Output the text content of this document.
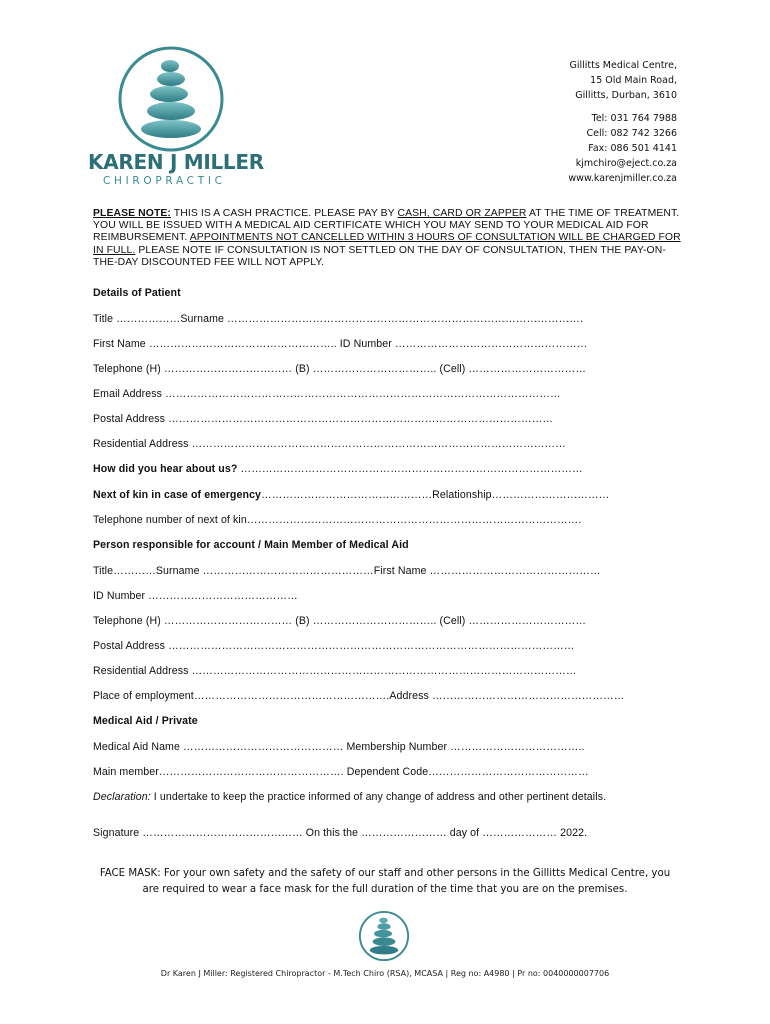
KAREN J MILLER
CHIROPRACTIC
Gillitts Medical Centre,
15 Old Main Road,
Gillitts, Durban, 3610
Tel: 031 764 7988
Cell: 082 742 3266
Fax: 086 501 4141
kjmchiro@eject.co.za
www.karenjmiller.co.za
PLEASE NOTE: THIS IS A CASH PRACTICE. PLEASE PAY BY CASH, CARD OR ZAPPER AT THE TIME OF TREATMENT. YOU WILL BE ISSUED WITH A MEDICAL AID CERTIFICATE WHICH YOU MAY SEND TO YOUR MEDICAL AID FOR REIMBURSEMENT. APPOINTMENTS NOT CANCELLED WITHIN 3 HOURS OF CONSULTATION WILL BE CHARGED FOR IN FULL. PLEASE NOTE IF CONSULTATION IS NOT SETTLED ON THE DAY OF CONSULTATION, THEN THE PAY-ON-THE-DAY DISCOUNTED FEE WILL NOT APPLY.
Details of Patient
Title ………………Surname ……………………………………………………………………………………….
First Name …………………………………………….. ID Number ………………………………………………
Telephone (H) ……………………………… (B) …………………………….. (Cell) ……………………………
Email Address …………………………………………………………………………………………………
Postal Address ………………………………………………………………………………………………
Residential Address ……………………………………………………………………………………………
How did you hear about us? ……………………………………………………………………………………
Next of kin in case of emergency…………………………………………Relationship……………………………
Telephone number of next of kin………………………………………………………………………………….
Person responsible for account / Main Member of Medical Aid
Title…………Surname …………………………………………First Name …………………………………………
ID Number ……………………………………
Telephone (H) ……………………………… (B) …………………………….. (Cell) ……………………………
Postal Address ……………………………………………………………………………………………………
Residential Address ………………………………………………………………………………………………
Place of employment……………………………………………….Address ………………………………………………
Medical Aid / Private
Medical Aid Name ……………………………………… Membership Number ………………………………..
Main member……………………………………………. Dependent Code………………………………………
Declaration: I undertake to keep the practice informed of any change of address and other pertinent details.
Signature ……………………………………… On this the …………………… day of ………………… 2022.
FACE MASK: For your own safety and the safety of our staff and other persons in the Gillitts Medical Centre, you
are required to wear a face mask for the full duration of the time that you are on the premises.
Dr Karen J Miller: Registered Chiropractor - M.Tech Chiro (RSA), MCASA | Reg no: A4980 | Pr no: 0040000007706
